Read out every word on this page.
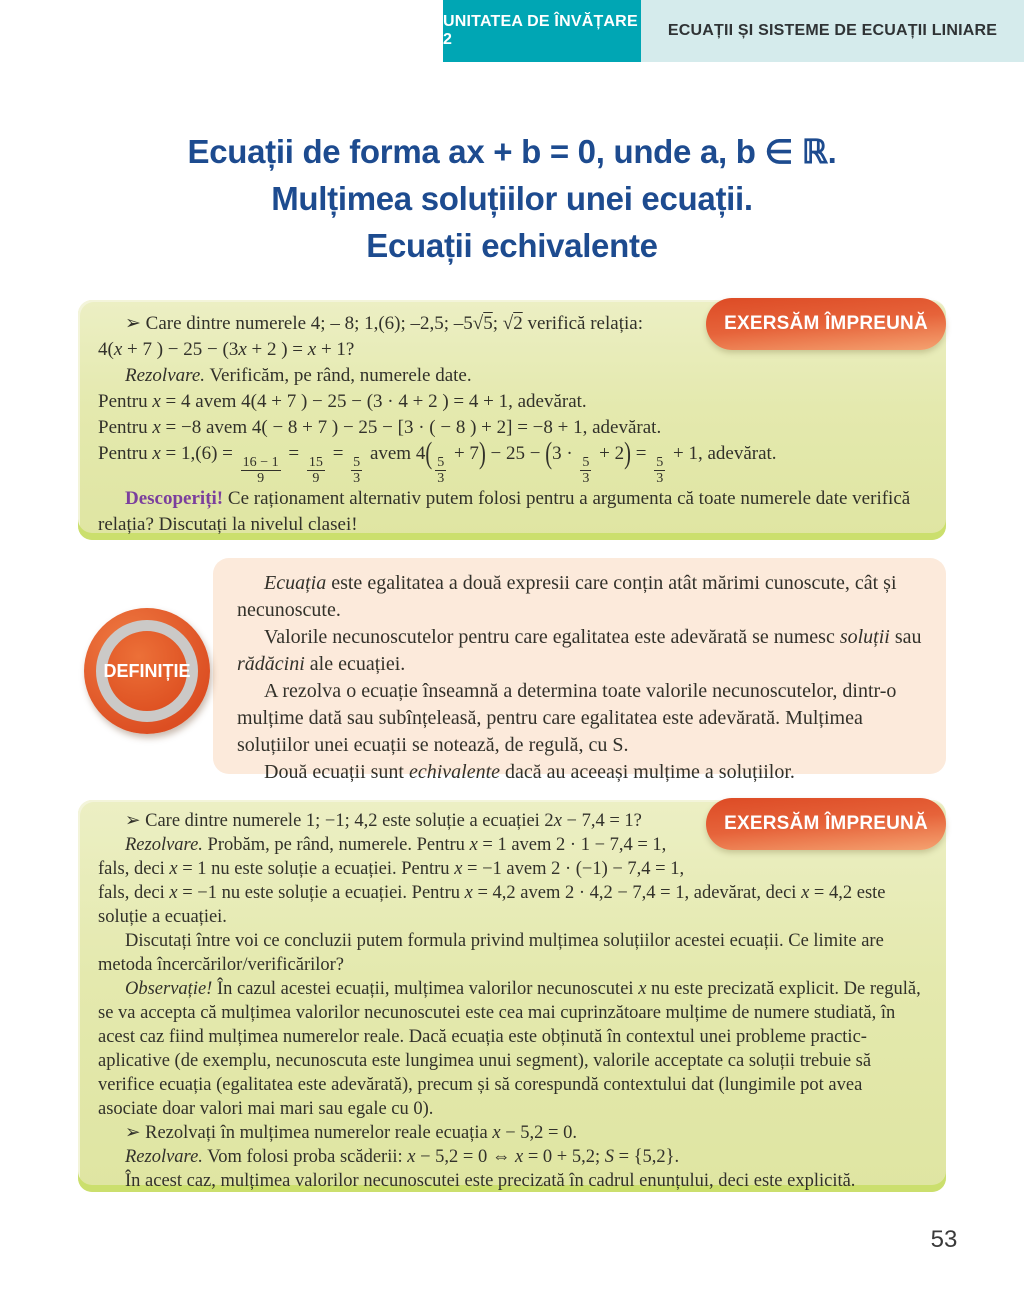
UNITATEA DE ÎNVĂȚARE 2
ECUAȚII ȘI SISTEME DE ECUAȚII LINIARE
Ecuații de forma ax + b = 0, unde a, b ∈ ℝ.
Mulțimea soluțiilor unei ecuații.
Ecuații echivalente
EXERSĂM ÎMPREUNĂ
➢ Care dintre numerele 4; – 8; 1,(6); –2,5; –5√5; √2 verifică relația:
4(x + 7 ) − 25 − (3x + 2 ) = x + 1?
Rezolvare. Verificăm, pe rând, numerele date.
Pentru x = 4 avem 4(4 + 7 ) − 25 − (3 · 4 + 2 ) = 4 + 1, adevărat.
Pentru x = −8 avem 4( − 8 + 7 ) − 25 − [3 · ( − 8 ) + 2] = −8 + 1, adevărat.
Pentru x = 1,(6) =
$\frac{16 - 1}{9}$
=
$\frac{15}{9}$
=
$\frac{5}{3}$
avem $4( \frac{5}{3}$
+ 7) − 25 − (3 ·
$\frac{5}{3}$
+ 2) =
$\frac{5}{3}$
+ 1, adevărat.
Descoperiți! Ce raționament alternativ putem folosi pentru a argumenta că toate numerele date verifică relația? Discutați la nivelul clasei!
Ecuația este egalitatea a două expresii care conțin atât mărimi cunoscute, cât și necunoscute.
Valorile necunoscutelor pentru care egalitatea este adevărată se numesc soluții sau rădăcini ale ecuației.
A rezolva o ecuație înseamnă a determina toate valorile necunoscutelor, dintr-o mulțime dată sau subînțeleasă, pentru care egalitatea este adevărată. Mulțimea soluțiilor unei ecuații se notează, de regulă, cu S.
Două ecuații sunt echivalente dacă au aceeași mulțime a soluțiilor.
DEFINIȚIE
EXERSĂM ÎMPREUNĂ
➢ Care dintre numerele 1; −1; 4,2 este soluție a ecuației 2x − 7,4 = 1?
Rezolvare. Probăm, pe rând, numerele. Pentru x = 1 avem 2 · 1 − 7,4 = 1, fals, deci x = 1 nu este soluție a ecuației. Pentru x = −1 avem 2 · (−1) − 7,4 = 1, fals, deci x = −1 nu este soluție a ecuației. Pentru x = 4,2 avem 2 · 4,2 − 7,4 = 1, adevărat, deci x = 4,2 este soluție a ecuației.
Discutați între voi ce concluzii putem formula privind mulțimea soluțiilor acestei ecuații. Ce limite are metoda încercărilor/verificărilor?
Observație! În cazul acestei ecuații, mulțimea valorilor necunoscutei x nu este precizată explicit. De regulă, se va accepta că mulțimea valorilor necunoscutei este cea mai cuprinzătoare mulțime de numere studiată, în acest caz fiind mulțimea numerelor reale. Dacă ecuația este obținută în contextul unei probleme practic-aplicative (de exemplu, necunoscuta este lungimea unui segment), valorile acceptate ca soluții trebuie să verifice ecuația (egalitatea este adevărată), precum și să corespundă contextului dat (lungimile pot avea asociate doar valori mai mari sau egale cu 0).
➢ Rezolvați în mulțimea numerelor reale ecuația x − 5,2 = 0.
Rezolvare. Vom folosi proba scăderii: x − 5,2 = 0 ⇔ x = 0 + 5,2; S = {5,2}.
În acest caz, mulțimea valorilor necunoscutei este precizată în cadrul enunțului, deci este explicită.
53
